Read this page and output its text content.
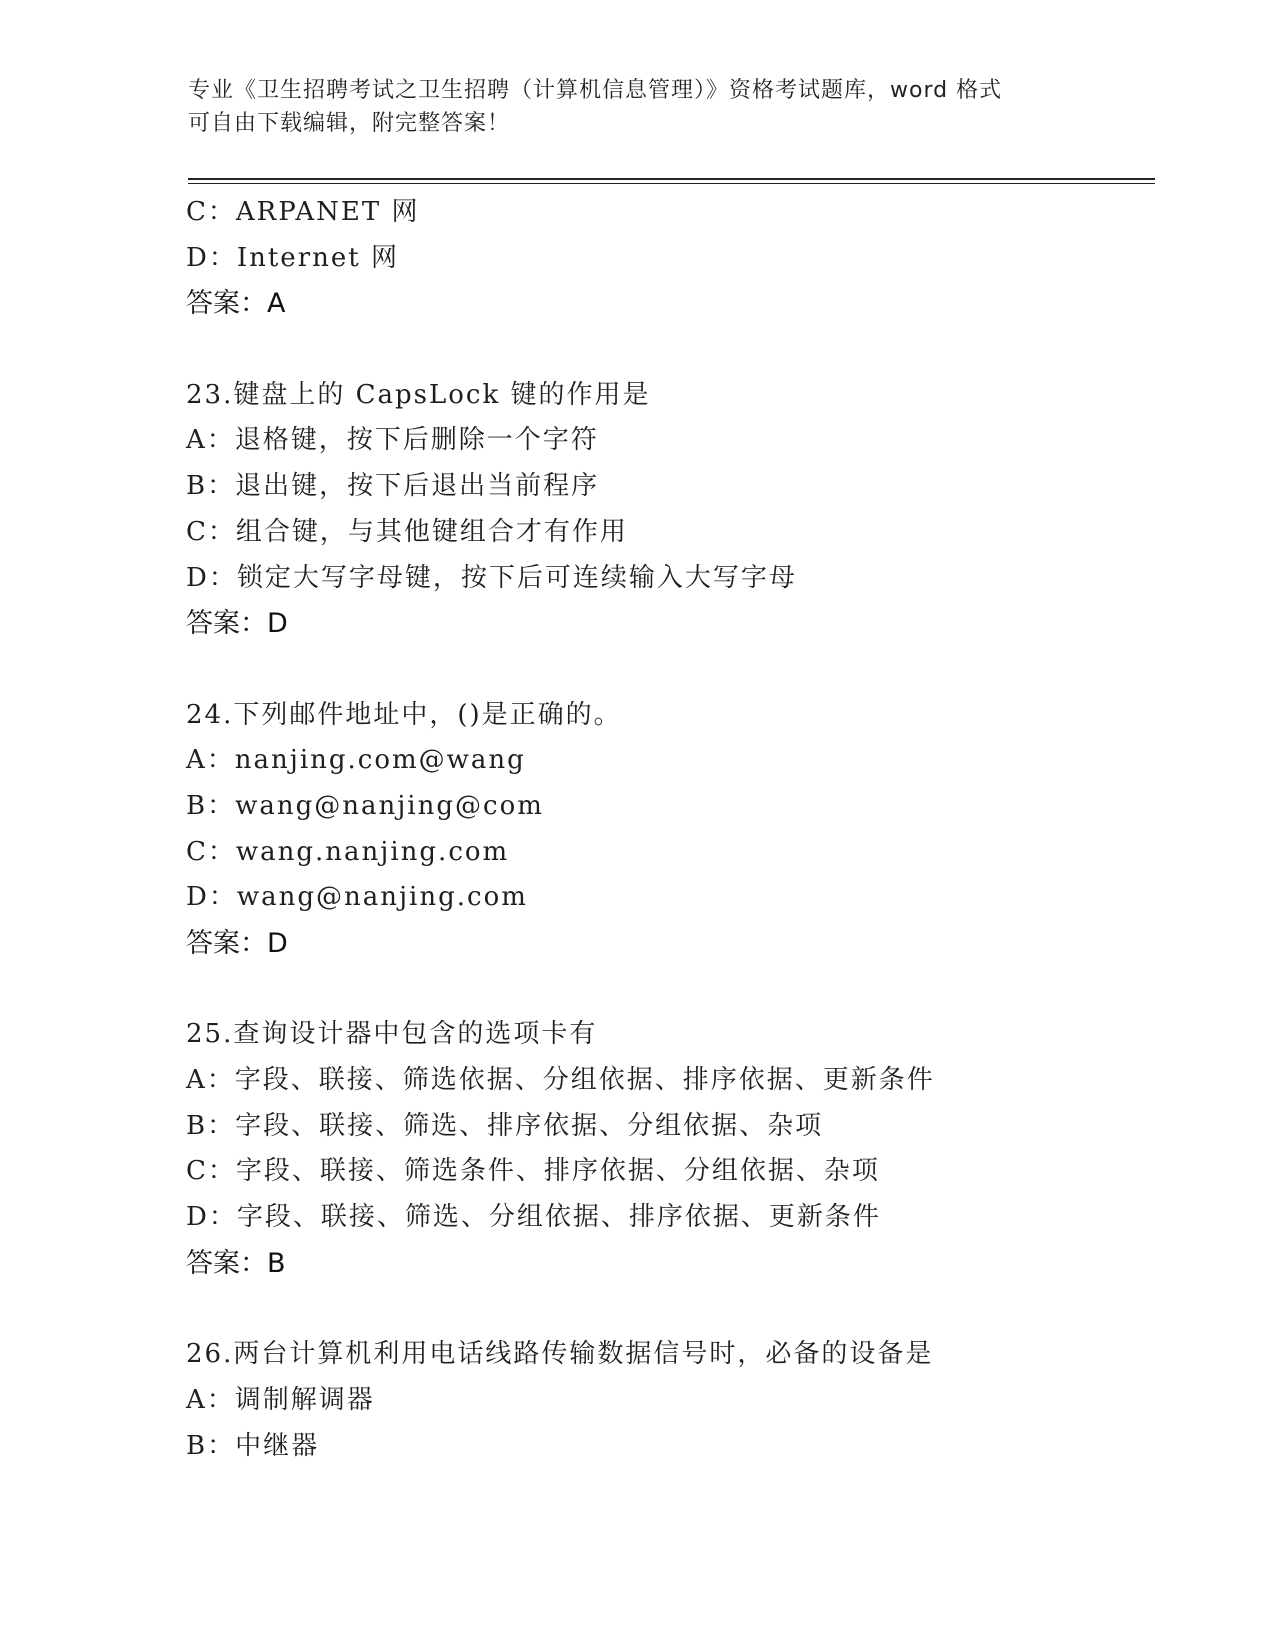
专业《卫生招聘考试之卫生招聘（计算机信息管理）》资格考试题库，word 格式
可自由下载编辑，附完整答案！
C：ARPANET 网
D：Internet 网
答案：A
23.键盘上的 CapsLock 键的作用是
A：退格键，按下后删除一个字符
B：退出键，按下后退出当前程序
C：组合键，与其他键组合才有作用
D：锁定大写字母键，按下后可连续输入大写字母
答案：D
24.下列邮件地址中，()是正确的。
A：nanjing.com@wang
B：wang@nanjing@com
C：wang.nanjing.com
D：wang@nanjing.com
答案：D
25.查询设计器中包含的选项卡有
A：字段、联接、筛选依据、分组依据、排序依据、更新条件
B：字段、联接、筛选、排序依据、分组依据、杂项
C：字段、联接、筛选条件、排序依据、分组依据、杂项
D：字段、联接、筛选、分组依据、排序依据、更新条件
答案：B
26.两台计算机利用电话线路传输数据信号时，必备的设备是
A：调制解调器
B：中继器
